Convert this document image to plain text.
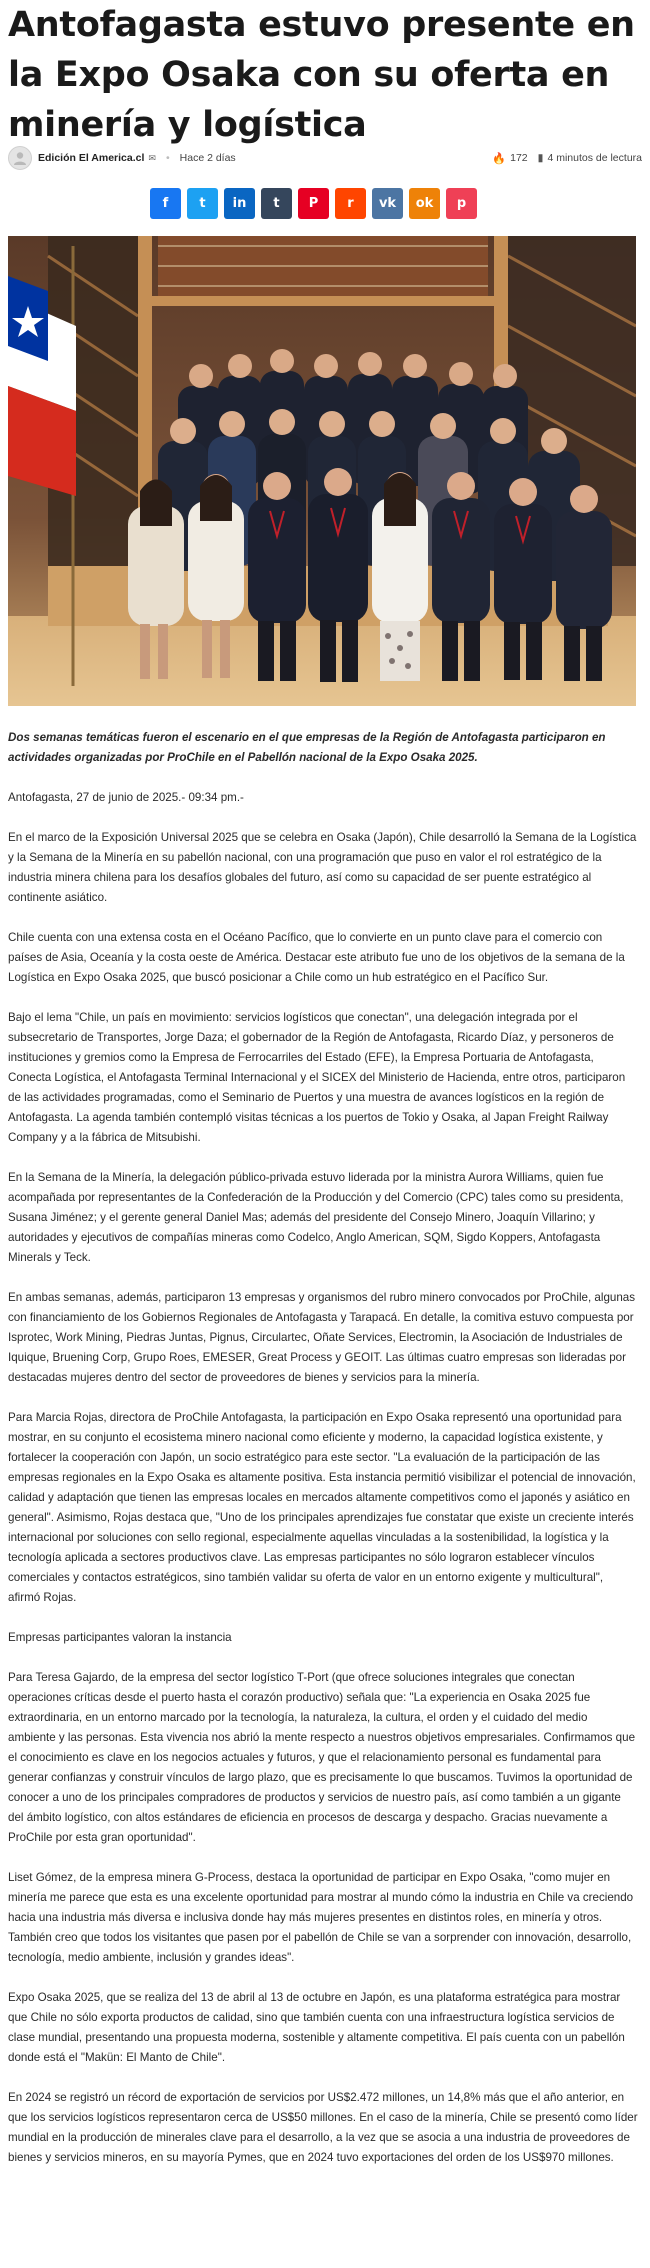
Antofagasta estuvo presente en la Expo Osaka con su oferta en minería y logística
Edición El America.cl ✉ • Hace 2 días	🔥 172 ▮ 4 minutos de lectura
f t in t P r vk ok p

Dos semanas temáticas fueron el escenario en el que empresas de la Región de Antofagasta participaron en actividades organizadas por ProChile en el Pabellón nacional de la Expo Osaka 2025.

Antofagasta, 27 de junio de 2025.- 09:34 pm.-

En el marco de la Exposición Universal 2025 que se celebra en Osaka (Japón), Chile desarrolló la Semana de la Logística y la Semana de la Minería en su pabellón nacional, con una programación que puso en valor el rol estratégico de la industria minera chilena para los desafíos globales del futuro, así como su capacidad de ser puente estratégico al continente asiático.

Chile cuenta con una extensa costa en el Océano Pacífico, que lo convierte en un punto clave para el comercio con países de Asia, Oceanía y la costa oeste de América. Destacar este atributo fue uno de los objetivos de la semana de la Logística en Expo Osaka 2025, que buscó posicionar a Chile como un hub estratégico en el Pacífico Sur.

Bajo el lema "Chile, un país en movimiento: servicios logísticos que conectan", una delegación integrada por el subsecretario de Transportes, Jorge Daza; el gobernador de la Región de Antofagasta, Ricardo Díaz, y personeros de instituciones y gremios como la Empresa de Ferrocarriles del Estado (EFE), la Empresa Portuaria de Antofagasta, Conecta Logística, el Antofagasta Terminal Internacional y el SICEX del Ministerio de Hacienda, entre otros, participaron de las actividades programadas, como el Seminario de Puertos y una muestra de avances logísticos en la región de Antofagasta. La agenda también contempló visitas técnicas a los puertos de Tokio y Osaka, al Japan Freight Railway Company y a la fábrica de Mitsubishi.

En la Semana de la Minería, la delegación público-privada estuvo liderada por la ministra Aurora Williams, quien fue acompañada por representantes de la Confederación de la Producción y del Comercio (CPC) tales como su presidenta, Susana Jiménez; y el gerente general Daniel Mas; además del presidente del Consejo Minero, Joaquín Villarino; y autoridades y ejecutivos de compañías mineras como Codelco, Anglo American, SQM, Sigdo Koppers, Antofagasta Minerals y Teck.

En ambas semanas, además, participaron 13 empresas y organismos del rubro minero convocados por ProChile, algunas con financiamiento de los Gobiernos Regionales de Antofagasta y Tarapacá. En detalle, la comitiva estuvo compuesta por Isprotec, Work Mining, Piedras Juntas, Pignus, Circulartec, Oñate Services, Electromin, la Asociación de Industriales de Iquique, Bruening Corp, Grupo Roes, EMESER, Great Process y GEOIT. Las últimas cuatro empresas son lideradas por destacadas mujeres dentro del sector de proveedores de bienes y servicios para la minería.

Para Marcia Rojas, directora de ProChile Antofagasta, la participación en Expo Osaka representó una oportunidad para mostrar, en su conjunto el ecosistema minero nacional como eficiente y moderno, la capacidad logística existente, y fortalecer la cooperación con Japón, un socio estratégico para este sector. "La evaluación de la participación de las empresas regionales en la Expo Osaka es altamente positiva. Esta instancia permitió visibilizar el potencial de innovación, calidad y adaptación que tienen las empresas locales en mercados altamente competitivos como el japonés y asiático en general". Asimismo, Rojas destaca que, "Uno de los principales aprendizajes fue constatar que existe un creciente interés internacional por soluciones con sello regional, especialmente aquellas vinculadas a la sostenibilidad, la logística y la tecnología aplicada a sectores productivos clave. Las empresas participantes no sólo lograron establecer vínculos comerciales y contactos estratégicos, sino también validar su oferta de valor en un entorno exigente y multicultural", afirmó Rojas.

Empresas participantes valoran la instancia

Para Teresa Gajardo, de la empresa del sector logístico T-Port (que ofrece soluciones integrales que conectan operaciones críticas desde el puerto hasta el corazón productivo) señala que: "La experiencia en Osaka 2025 fue extraordinaria, en un entorno marcado por la tecnología, la naturaleza, la cultura, el orden y el cuidado del medio ambiente y las personas. Esta vivencia nos abrió la mente respecto a nuestros objetivos empresariales. Confirmamos que el conocimiento es clave en los negocios actuales y futuros, y que el relacionamiento personal es fundamental para generar confianzas y construir vínculos de largo plazo, que es precisamente lo que buscamos. Tuvimos la oportunidad de conocer a uno de los principales compradores de productos y servicios de nuestro país, así como también a un gigante del ámbito logístico, con altos estándares de eficiencia en procesos de descarga y despacho. Gracias nuevamente a ProChile por esta gran oportunidad".

Liset Gómez, de la empresa minera G-Process, destaca la oportunidad de participar en Expo Osaka, "como mujer en minería me parece que esta es una excelente oportunidad para mostrar al mundo cómo la industria en Chile va creciendo hacia una industria más diversa e inclusiva donde hay más mujeres presentes en distintos roles, en minería y otros. También creo que todos los visitantes que pasen por el pabellón de Chile se van a sorprender con innovación, desarrollo, tecnología, medio ambiente, inclusión y grandes ideas".

Expo Osaka 2025, que se realiza del 13 de abril al 13 de octubre en Japón, es una plataforma estratégica para mostrar que Chile no sólo exporta productos de calidad, sino que también cuenta con una infraestructura logística servicios de clase mundial, presentando una propuesta moderna, sostenible y altamente competitiva. El país cuenta con un pabellón donde está el "Makün: El Manto de Chile".

En 2024 se registró un récord de exportación de servicios por US$2.472 millones, un 14,8% más que el año anterior, en que los servicios logísticos representaron cerca de US$50 millones. En el caso de la minería, Chile se presentó como líder mundial en la producción de minerales clave para el desarrollo, a la vez que se asocia a una industria de proveedores de bienes y servicios mineros, en su mayoría Pymes, que en 2024 tuvo exportaciones del orden de los US$970 millones.
